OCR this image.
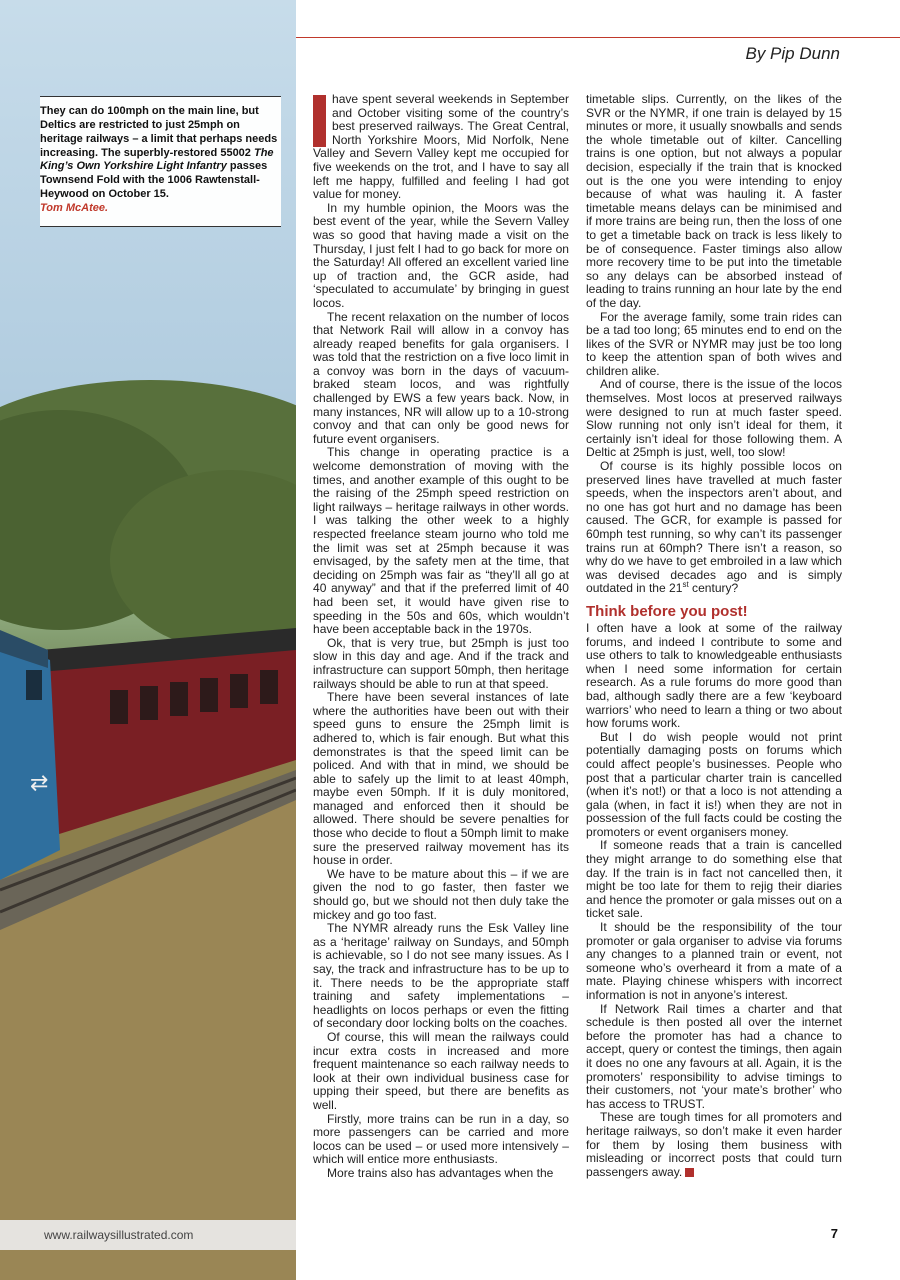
⇄
By Pip Dunn
They can do 100mph on the main line, but Deltics are restricted to just 25mph on heritage railways – a limit that perhaps needs increasing. The superbly-restored 55002 The King’s Own Yorkshire Light Infantry passes Townsend Fold with the 1006 Rawtenstall-Heywood on October 15.
Tom McAtee.

have spent several weekends in September and October visiting some of the country’s best preserved railways. The Great Central, North Yorkshire Moors, Mid Norfolk, Nene Valley and Severn Valley kept me occupied for five weekends on the trot, and I have to say all left me happy, fulfilled and feeling I had got value for money.

In my humble opinion, the Moors was the best event of the year, while the Severn Valley was so good that having made a visit on the Thursday, I just felt I had to go back for more on the Saturday! All offered an excellent varied line up of traction and, the GCR aside, had ‘speculated to accumulate’ by bringing in guest locos.

The recent relaxation on the number of locos that Network Rail will allow in a convoy has already reaped benefits for gala organisers. I was told that the restriction on a five loco limit in a convoy was born in the days of vacuum-braked steam locos, and was rightfully challenged by EWS a few years back. Now, in many instances, NR will allow up to a 10-strong convoy and that can only be good news for future event organisers.

This change in operating practice is a welcome demonstration of moving with the times, and another example of this ought to be the raising of the 25mph speed restriction on light railways – heritage railways in other words. I was talking the other week to a highly respected freelance steam journo who told me the limit was set at 25mph because it was envisaged, by the safety men at the time, that deciding on 25mph was fair as “they’ll all go at 40 anyway” and that if the preferred limit of 40 had been set, it would have given rise to speeding in the 50s and 60s, which wouldn’t have been acceptable back in the 1970s.

Ok, that is very true, but 25mph is just too slow in this day and age. And if the track and infrastructure can support 50mph, then heritage railways should be able to run at that speed.

There have been several instances of late where the authorities have been out with their speed guns to ensure the 25mph limit is adhered to, which is fair enough. But what this demonstrates is that the speed limit can be policed. And with that in mind, we should be able to safely up the limit to at least 40mph, maybe even 50mph. If it is duly monitored, managed and enforced then it should be allowed. There should be severe penalties for those who decide to flout a 50mph limit to make sure the preserved railway movement has its house in order.

We have to be mature about this – if we are given the nod to go faster, then faster we should go, but we should not then duly take the mickey and go too fast.

The NYMR already runs the Esk Valley line as a ‘heritage’ railway on Sundays, and 50mph is achievable, so I do not see many issues. As I say, the track and infrastructure has to be up to it. There needs to be the appropriate staff training and safety implementations – headlights on locos perhaps or even the fitting of secondary door locking bolts on the coaches.

Of course, this will mean the railways could incur extra costs in increased and more frequent maintenance so each railway needs to look at their own individual business case for upping their speed, but there are benefits as well.

Firstly, more trains can be run in a day, so more passengers can be carried and more locos can be used – or used more intensively – which will entice more enthusiasts.

More trains also has advantages when the

timetable slips. Currently, on the likes of the SVR or the NYMR, if one train is delayed by 15 minutes or more, it usually snowballs and sends the whole timetable out of kilter. Cancelling trains is one option, but not always a popular decision, especially if the train that is knocked out is the one you were intending to enjoy because of what was hauling it. A faster timetable means delays can be minimised and if more trains are being run, then the loss of one to get a timetable back on track is less likely to be of consequence. Faster timings also allow more recovery time to be put into the timetable so any delays can be absorbed instead of leading to trains running an hour late by the end of the day.

For the average family, some train rides can be a tad too long; 65 minutes end to end on the likes of the SVR or NYMR may just be too long to keep the attention span of both wives and children alike.

And of course, there is the issue of the locos themselves. Most locos at preserved railways were designed to run at much faster speed. Slow running not only isn’t ideal for them, it certainly isn’t ideal for those following them. A Deltic at 25mph is just, well, too slow!

Of course is its highly possible locos on preserved lines have travelled at much faster speeds, when the inspectors aren’t about, and no one has got hurt and no damage has been caused. The GCR, for example is passed for 60mph test running, so why can’t its passenger trains run at 60mph? There isn’t a reason, so why do we have to get embroiled in a law which was devised decades ago and is simply outdated in the 21st century?

Think before you post!

I often have a look at some of the railway forums, and indeed I contribute to some and use others to talk to knowledgeable enthusiasts when I need some information for certain research. As a rule forums do more good than bad, although sadly there are a few ‘keyboard warriors’ who need to learn a thing or two about how forums work.

But I do wish people would not print potentially damaging posts on forums which could affect people’s businesses. People who post that a particular charter train is cancelled (when it’s not!) or that a loco is not attending a gala (when, in fact it is!) when they are not in possession of the full facts could be costing the promoters or event organisers money.

If someone reads that a train is cancelled they might arrange to do something else that day. If the train is in fact not cancelled then, it might be too late for them to rejig their diaries and hence the promoter or gala misses out on a ticket sale.

It should be the responsibility of the tour promoter or gala organiser to advise via forums any changes to a planned train or event, not someone who’s overheard it from a mate of a mate. Playing chinese whispers with incorrect information is not in anyone’s interest.

If Network Rail times a charter and that schedule is then posted all over the internet before the promoter has had a chance to accept, query or contest the timings, then again it does no one any favours at all. Again, it is the promoters’ responsibility to advise timings to their customers, not ‘your mate’s brother’ who has access to TRUST.

These are tough times for all promoters and heritage railways, so don’t make it even harder for them by losing them business with misleading or incorrect posts that could turn passengers away.

www.railwaysillustrated.com	7
